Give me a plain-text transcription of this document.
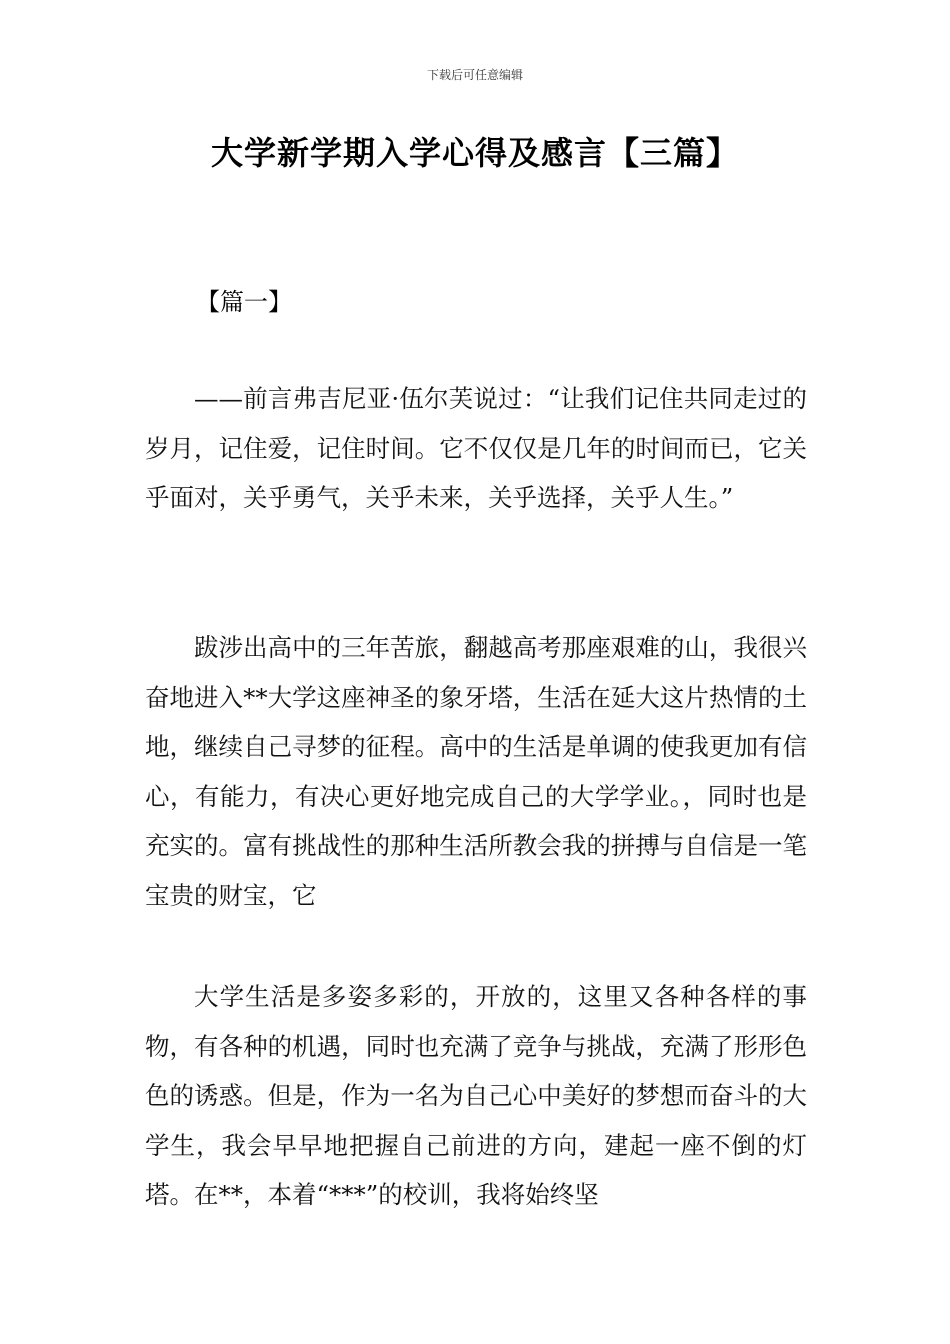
下载后可任意编辑
大学新学期入学心得及感言【三篇】
【篇一】

——前言弗吉尼亚·伍尔芙说过：“让我们记住共同走过的岁月，记住爱，记住时间。它不仅仅是几年的时间而已，它关乎面对，关乎勇气，关乎未来，关乎选择，关乎人生。”

跋涉出高中的三年苦旅，翻越高考那座艰难的山，我很兴奋地进入**大学这座神圣的象牙塔，生活在延大这片热情的土地，继续自己寻梦的征程。高中的生活是单调的使我更加有信心，有能力，有决心更好地完成自己的大学学业。，同时也是充实的。富有挑战性的那种生活所教会我的拼搏与自信是一笔宝贵的财宝，它

大学生活是多姿多彩的，开放的，这里又各种各样的事物，有各种的机遇，同时也充满了竞争与挑战，充满了形形色色的诱惑。但是，作为一名为自己心中美好的梦想而奋斗的大学生，我会早早地把握自己前进的方向，建起一座不倒的灯塔。在**，本着“***”的校训，我将始终坚
